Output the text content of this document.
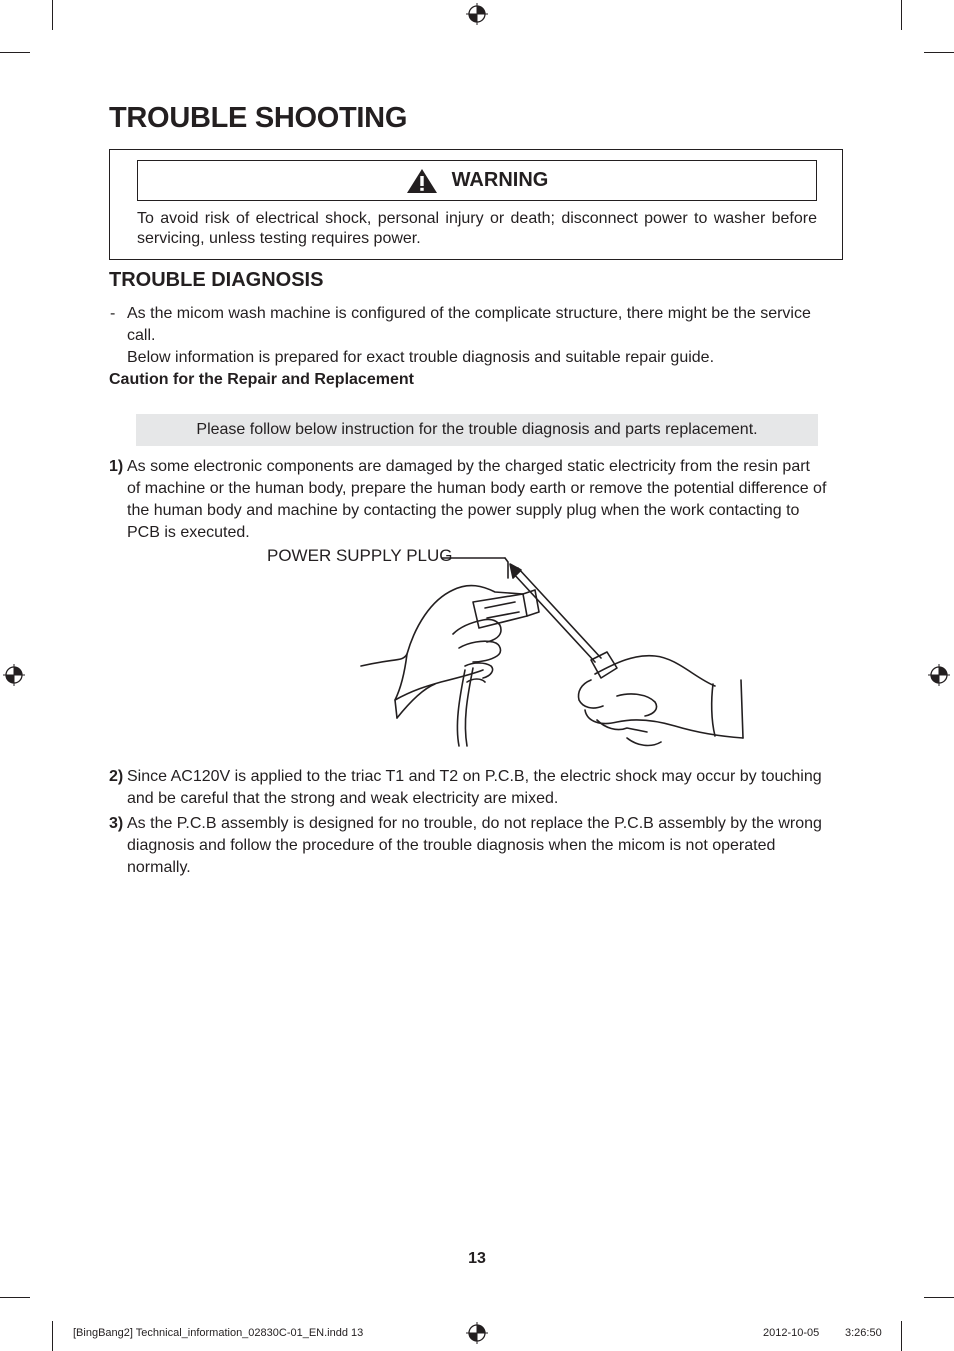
TROUBLE SHOOTING
WARNING
To avoid risk of electrical shock, personal injury or death; disconnect power to washer before servicing, unless testing requires power.
TROUBLE DIAGNOSIS
- As the micom wash machine is configured of the complicate structure, there might be the service call.
Below information is prepared for exact trouble diagnosis and suitable repair guide.
Caution for the Repair and Replacement
Please follow below instruction for the trouble diagnosis and parts replacement.
1) As some electronic components are damaged by the charged static electricity from the resin part of machine or the human body, prepare the human body earth or remove the potential difference of the human body and machine by contacting the power supply plug when the work contacting to PCB is executed.
POWER SUPPLY PLUG
2) Since AC120V is applied to the triac T1 and T2 on P.C.B, the electric shock may occur by touching and be careful that the strong and weak electricity are mixed.
3) As the P.C.B assembly is designed for no trouble, do not replace the P.C.B assembly by the wrong diagnosis and follow the procedure of the trouble diagnosis when the micom is not operated normally.
13
[BingBang2] Technical_information_02830C-01_EN.indd 13	2012-10-05 3:26:50
